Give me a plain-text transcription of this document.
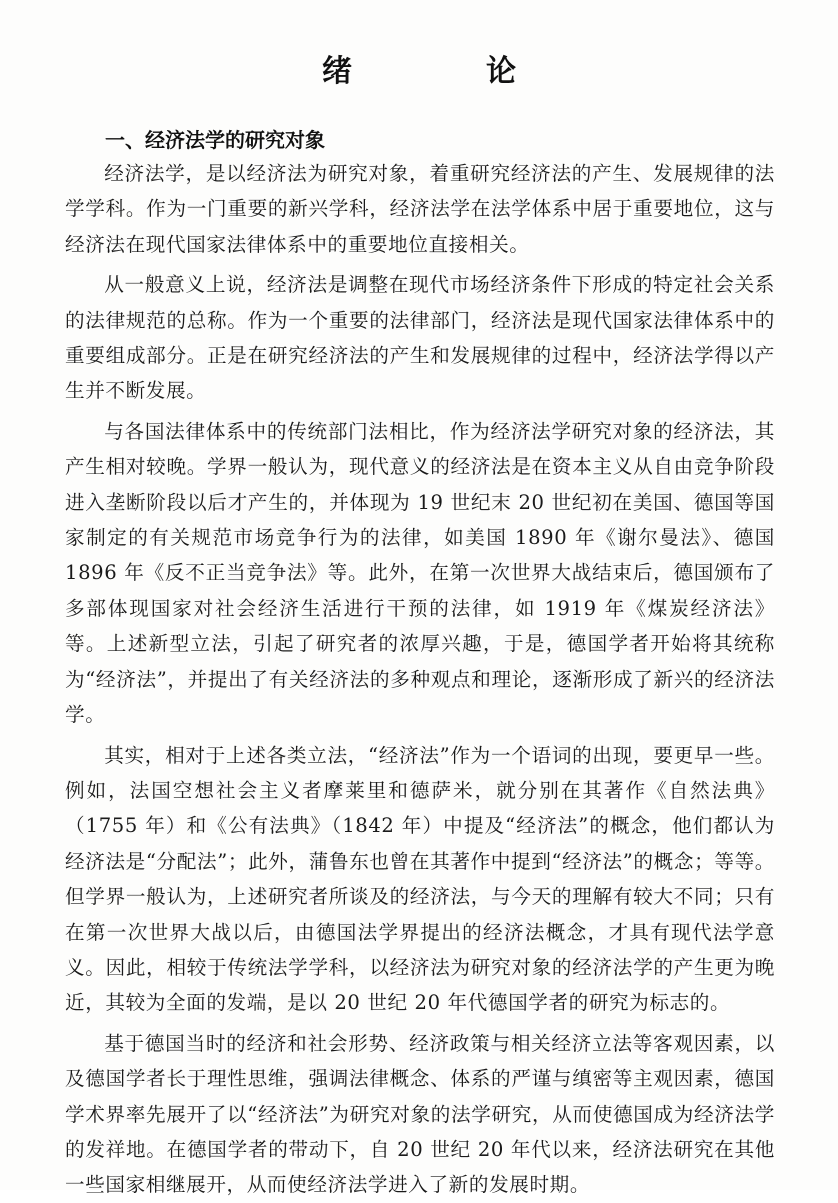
绪　论
一、经济法学的研究对象

经济法学，是以经济法为研究对象，着重研究经济法的产生、发展规律的法学学科。作为一门重要的新兴学科，经济法学在法学体系中居于重要地位，这与经济法在现代国家法律体系中的重要地位直接相关。

从一般意义上说，经济法是调整在现代市场经济条件下形成的特定社会关系的法律规范的总称。作为一个重要的法律部门，经济法是现代国家法律体系中的重要组成部分。正是在研究经济法的产生和发展规律的过程中，经济法学得以产生并不断发展。

与各国法律体系中的传统部门法相比，作为经济法学研究对象的经济法，其产生相对较晚。学界一般认为，现代意义的经济法是在资本主义从自由竞争阶段进入垄断阶段以后才产生的，并体现为 19 世纪末 20 世纪初在美国、德国等国家制定的有关规范市场竞争行为的法律，如美国 1890 年《谢尔曼法》、德国 1896 年《反不正当竞争法》等。此外，在第一次世界大战结束后，德国颁布了多部体现国家对社会经济生活进行干预的法律，如 1919 年《煤炭经济法》等。上述新型立法，引起了研究者的浓厚兴趣，于是，德国学者开始将其统称为“经济法”，并提出了有关经济法的多种观点和理论，逐渐形成了新兴的经济法学。

其实，相对于上述各类立法，“经济法”作为一个语词的出现，要更早一些。例如，法国空想社会主义者摩莱里和德萨米，就分别在其著作《自然法典》（1755 年）和《公有法典》（1842 年）中提及“经济法”的概念，他们都认为经济法是“分配法”；此外，蒲鲁东也曾在其著作中提到“经济法”的概念；等等。但学界一般认为，上述研究者所谈及的经济法，与今天的理解有较大不同；只有在第一次世界大战以后，由德国法学界提出的经济法概念，才具有现代法学意义。因此，相较于传统法学学科，以经济法为研究对象的经济法学的产生更为晚近，其较为全面的发端，是以 20 世纪 20 年代德国学者的研究为标志的。

基于德国当时的经济和社会形势、经济政策与相关经济立法等客观因素，以及德国学者长于理性思维，强调法律概念、体系的严谨与缜密等主观因素，德国学术界率先展开了以“经济法”为研究对象的法学研究，从而使德国成为经济法学的发祥地。在德国学者的带动下，自 20 世纪 20 年代以来，经济法研究在其他一些国家相继展开，从而使经济法学进入了新的发展时期。
